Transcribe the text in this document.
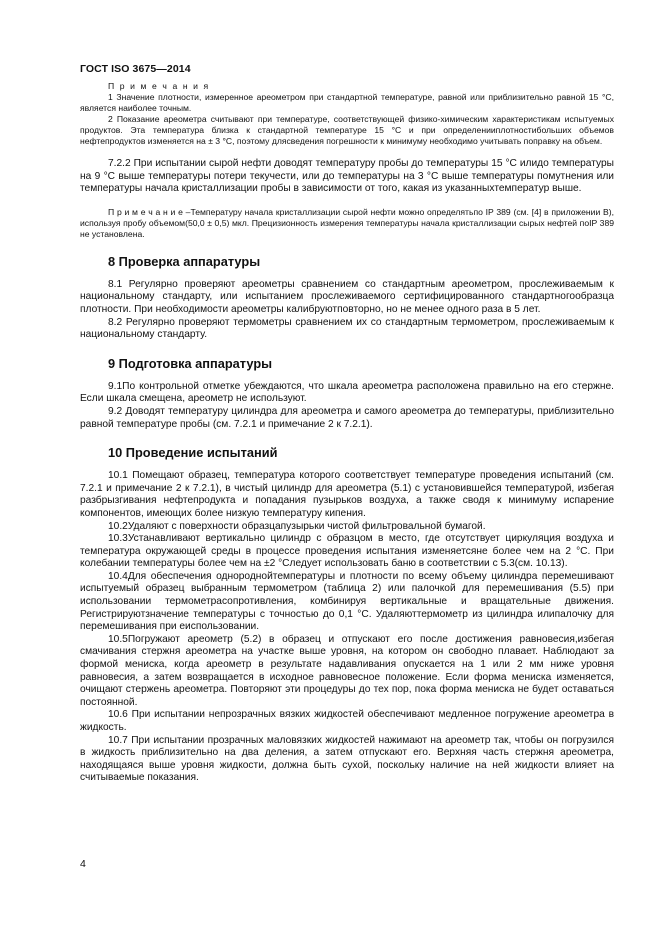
ГОСТ ISO 3675—2014

П р и м е ч а н и я

1 Значение плотности, измеренное ареометром при стандартной температуре, равной или приблизительно равной 15 °С, является наиболее точным.

2 Показание ареометра считывают при температуре, соответствующей физико-химическим характеристикам испытуемых продуктов. Эта температура близка к стандартной температуре 15 °С и при определенииплотностибольших объемов нефтепродуктов изменяется на ± 3 °С, поэтому длясведения погрешности к минимуму необходимо учитывать поправку на объем.

7.2.2 При испытании сырой нефти доводят температуру пробы до температуры 15 °С илидо температуры на 9 °С выше температуры потери текучести, или до температуры на 3 °С выше температуры помутнения или температуры начала кристаллизации пробы в зависимости от того, какая из указанныхтемператур выше.

П р и м е ч а н и е –Температуру начала кристаллизации сырой нефти можно определятьпо IP 389 (см. [4] в приложении В), используя пробу объемом(50,0 ± 0,5) мкл. Прецизионность измерения температуры начала кристаллизации сырых нефтей поIP 389 не установлена.

8 Проверка аппаратуры

8.1 Регулярно проверяют ареометры сравнением со стандартным ареометром, прослеживаемым к национальному стандарту, или испытанием прослеживаемого сертифицированного стандартногообразца плотности. При необходимости ареометры калибруютповторно, но не менее одного раза в 5 лет.

8.2 Регулярно проверяют термометры сравнением их со стандартным термометром, прослеживаемым к национальному стандарту.

9 Подготовка аппаратуры

9.1По контрольной отметке убеждаются, что шкала ареометра расположена правильно на его стержне. Если шкала смещена, ареометр не используют.

9.2 Доводят температуру цилиндра для ареометра и самого ареометра до температуры, приблизительно равной температуре пробы (см. 7.2.1 и примечание 2 к 7.2.1).

10 Проведение испытаний

10.1 Помещают образец, температура которого соответствует температуре проведения испытаний (см. 7.2.1 и примечание 2 к 7.2.1), в чистый цилиндр для ареометра (5.1) с установившейся температурой, избегая разбрызгивания нефтепродукта и попадания пузырьков воздуха, а также сводя к минимуму испарение компонентов, имеющих более низкую температуру кипения.

10.2Удаляют с поверхности образцапузырьки чистой фильтровальной бумагой.

10.3Устанавливают вертикально цилиндр с образцом в место, где отсутствует циркуляция воздуха и температура окружающей среды в процессе проведения испытания изменяетсяне более чем на 2 °С. При колебании температуры более чем на ±2 °Следует использовать баню в соответствии с 5.3(см. 10.13).

10.4Для обеспечения однороднойтемпературы и плотности по всему объему цилиндра перемешивают испытуемый образец выбранным термометром (таблица 2) или палочкой для перемешивания (5.5) при использовании термометрасопротивления, комбинируя вертикальные и вращательные движения. Регистрируютзначение температуры с точностью до 0,1 °С. Удаляюттермометр из цилиндра илипалочку для перемешивания при еиспользовании.

10.5Погружают ареометр (5.2) в образец и отпускают его после достижения равновесия,избегая смачивания стержня ареометра на участке выше уровня, на котором он свободно плавает. Наблюдают за формой мениска, когда ареометр в результате надавливания опускается на 1 или 2 мм ниже уровня равновесия, а затем возвращается в исходное равновесное положение. Если форма мениска изменяется, очищают стержень ареометра. Повторяют эти процедуры до тех пор, пока форма мениска не будет оставаться постоянной.

10.6 При испытании непрозрачных вязких жидкостей обеспечивают медленное погружение ареометра в жидкость.

10.7 При испытании прозрачных маловязких жидкостей нажимают на ареометр так, чтобы он погрузился в жидкость приблизительно на два деления, а затем отпускают его. Верхняя часть стержня ареометра, находящаяся выше уровня жидкости, должна быть сухой, поскольку наличие на ней жидкости влияет на считываемые показания.

4
